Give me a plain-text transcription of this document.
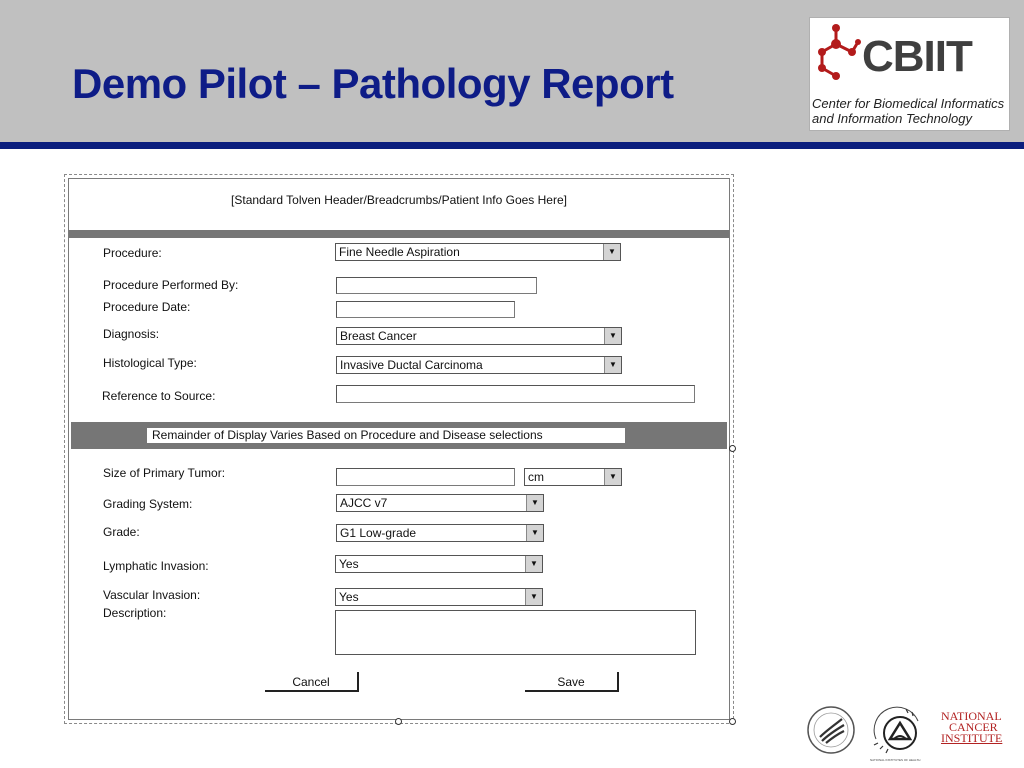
Demo Pilot – Pathology Report
CBIIT
Center for Biomedical Informatics
and Information Technology
[Standard Tolven Header/Breadcrumbs/Patient Info Goes Here]
Procedure:	Fine Needle Aspiration	▼
Procedure Performed By:
Procedure Date:
Diagnosis:	Breast Cancer	▼
Histological Type:	Invasive Ductal Carcinoma	▼
Reference to Source:
Remainder of Display Varies Based on Procedure and Disease selections
Size of Primary Tumor:	cm	▼
Grading System:	AJCC v7	▼
Grade:	G1 Low-grade	▼
Lymphatic Invasion:	Yes	▼
Vascular Invasion:	Yes	▼
Description:
Cancel	Save
NATIONAL
CANCER
INSTITUTE
NATIONAL INSTITUTES OF HEALTH
